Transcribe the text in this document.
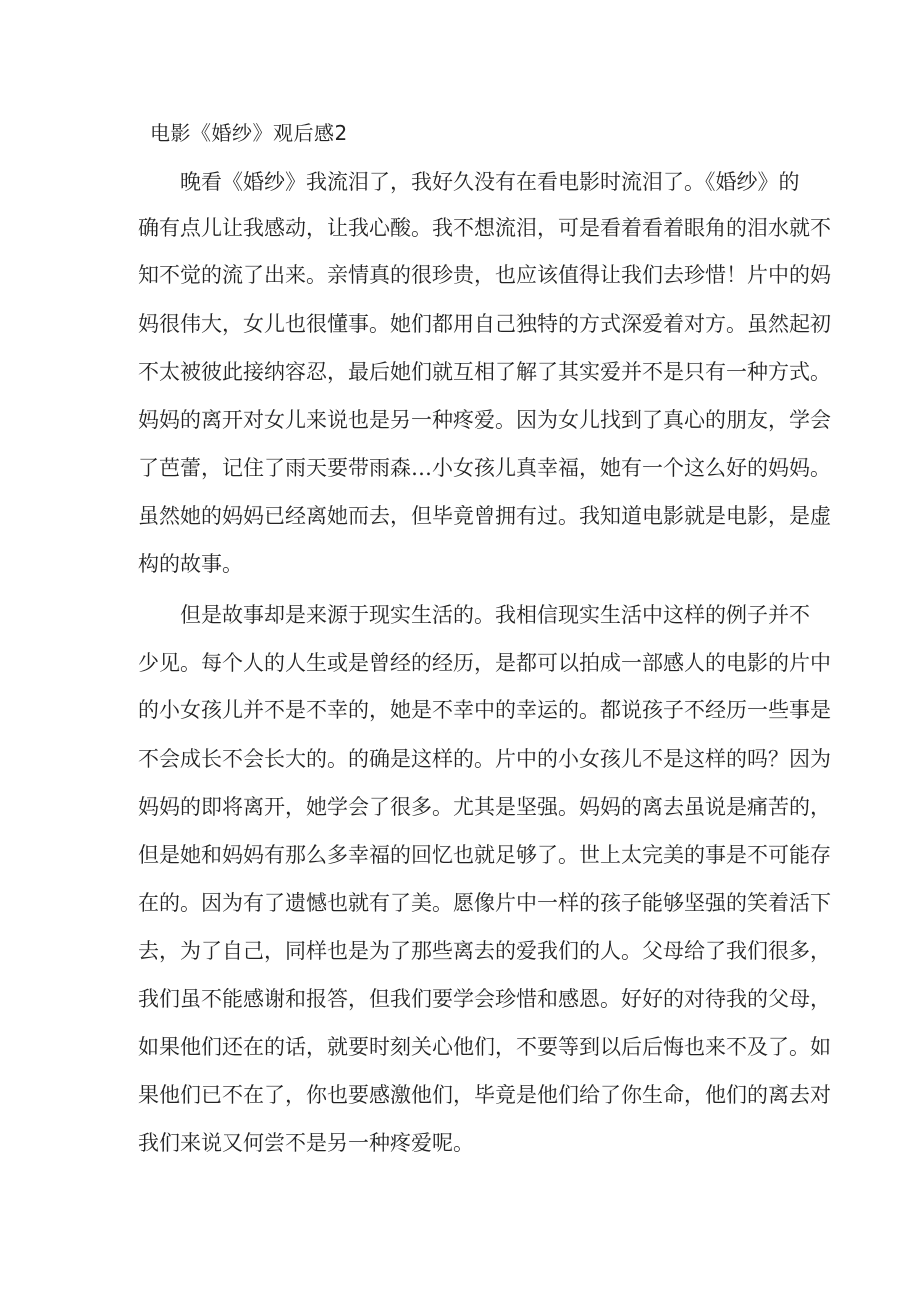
电影《婚纱》观后感2
晚看《婚纱》我流泪了，我好久没有在看电影时流泪了。《婚纱》的
确有点儿让我感动，让我心酸。我不想流泪，可是看着看着眼角的泪水就不
知不觉的流了出来。亲情真的很珍贵，也应该值得让我们去珍惜！片中的妈
妈很伟大，女儿也很懂事。她们都用自己独特的方式深爱着对方。虽然起初
不太被彼此接纳容忍，最后她们就互相了解了其实爱并不是只有一种方式。
妈妈的离开对女儿来说也是另一种疼爱。因为女儿找到了真心的朋友，学会
了芭蕾，记住了雨天要带雨森…小女孩儿真幸福，她有一个这么好的妈妈。
虽然她的妈妈已经离她而去，但毕竟曾拥有过。我知道电影就是电影，是虚
构的故事。
但是故事却是来源于现实生活的。我相信现实生活中这样的例子并不
少见。每个人的人生或是曾经的经历，是都可以拍成一部感人的电影的片中
的小女孩儿并不是不幸的，她是不幸中的幸运的。都说孩子不经历一些事是
不会成长不会长大的。的确是这样的。片中的小女孩儿不是这样的吗？因为
妈妈的即将离开，她学会了很多。尤其是坚强。妈妈的离去虽说是痛苦的，
但是她和妈妈有那么多幸福的回忆也就足够了。世上太完美的事是不可能存
在的。因为有了遗憾也就有了美。愿像片中一样的孩子能够坚强的笑着活下
去，为了自己，同样也是为了那些离去的爱我们的人。父母给了我们很多，
我们虽不能感谢和报答，但我们要学会珍惜和感恩。好好的对待我的父母，
如果他们还在的话，就要时刻关心他们，不要等到以后后悔也来不及了。如
果他们已不在了，你也要感激他们，毕竟是他们给了你生命，他们的离去对
我们来说又何尝不是另一种疼爱呢。
